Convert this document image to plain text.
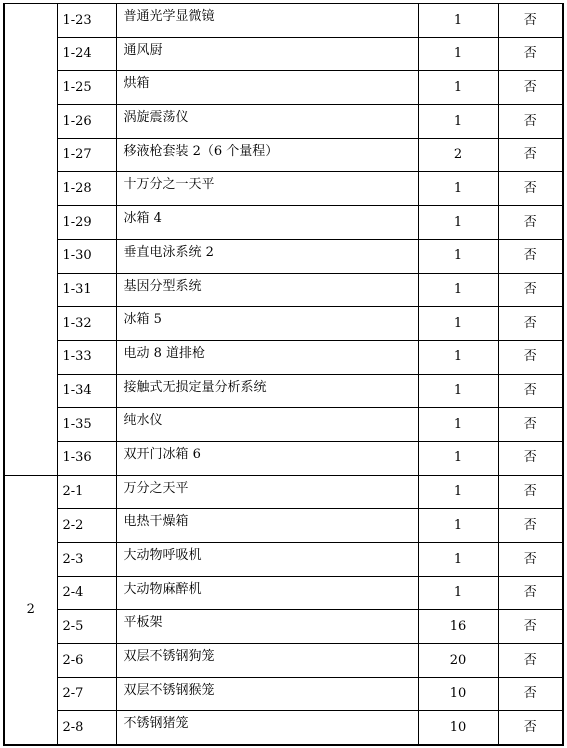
	1-23	普通光学显微镜	1	否
	1-24	通风厨	1	否
	1-25	烘箱	1	否
	1-26	涡旋震荡仪	1	否
	1-27	移液枪套装 2（6 个量程）	2	否
	1-28	十万分之一天平	1	否
	1-29	冰箱 4	1	否
	1-30	垂直电泳系统 2	1	否
	1-31	基因分型系统	1	否
	1-32	冰箱 5	1	否
	1-33	电动 8 道排枪	1	否
	1-34	接触式无损定量分析系统	1	否
	1-35	纯水仪	1	否
	1-36	双开门冰箱 6	1	否
2	2-1	万分之天平	1	否
	2-2	电热干燥箱	1	否
	2-3	大动物呼吸机	1	否
	2-4	大动物麻醉机	1	否
	2-5	平板架	16	否
	2-6	双层不锈钢狗笼	20	否
	2-7	双层不锈钢猴笼	10	否
	2-8	不锈钢猪笼	10	否
